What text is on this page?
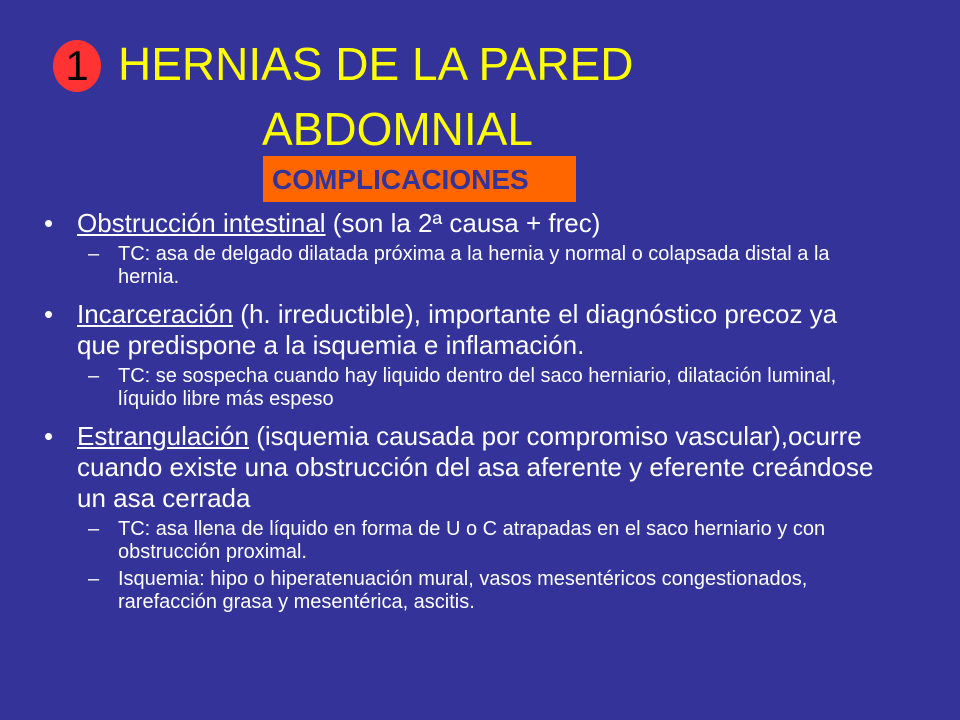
1 HERNIAS DE LA PARED
ABDOMNIAL
COMPLICACIONES
• Obstrucción intestinal (son la 2ª causa + frec)
– TC: asa de delgado dilatada próxima a la hernia y normal o colapsada distal a la hernia.
• Incarceración (h. irreductible), importante el diagnóstico precoz ya que predispone a la isquemia e inflamación.
– TC: se sospecha cuando hay liquido dentro del saco herniario, dilatación luminal, líquido libre más espeso
• Estrangulación (isquemia causada por compromiso vascular),ocurre cuando existe una obstrucción del asa aferente y eferente creándose un asa cerrada
– TC: asa llena de líquido en forma de U o C atrapadas en el saco herniario y con obstrucción proximal.
– Isquemia: hipo o hiperatenuación mural, vasos mesentéricos congestionados, rarefacción grasa y mesentérica, ascitis.
